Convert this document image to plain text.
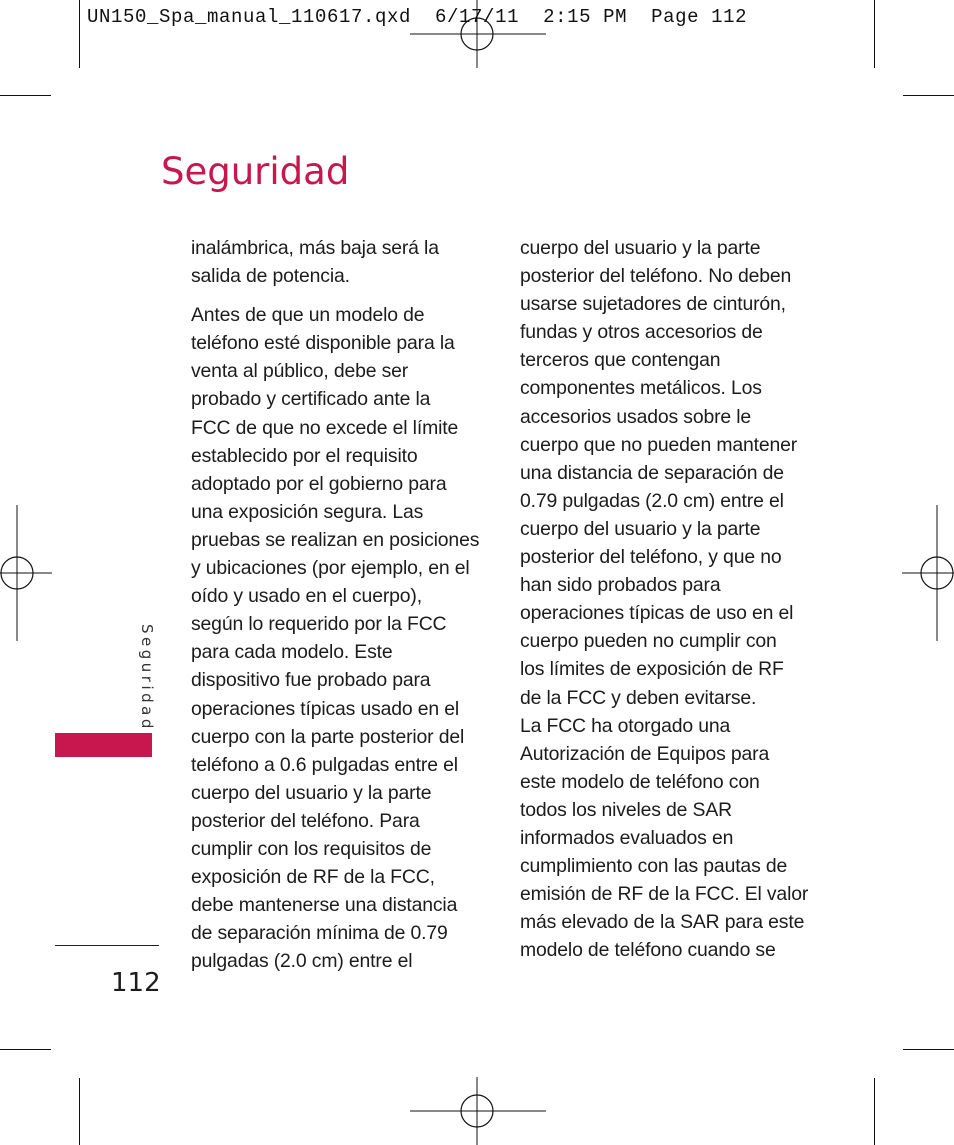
UN150_Spa_manual_110617.qxd  6/17/11  2:15 PM  Page 112
Seguridad

inalámbrica, más baja será la
salida de potencia.

Antes de que un modelo de
teléfono esté disponible para la
venta al público, debe ser
probado y certificado ante la
FCC de que no excede el límite
establecido por el requisito
adoptado por el gobierno para
una exposición segura. Las
pruebas se realizan en posiciones
y ubicaciones (por ejemplo, en el
oído y usado en el cuerpo),
según lo requerido por la FCC
para cada modelo. Este
dispositivo fue probado para
operaciones típicas usado en el
cuerpo con la parte posterior del
teléfono a 0.6 pulgadas entre el
cuerpo del usuario y la parte
posterior del teléfono. Para
cumplir con los requisitos de
exposición de RF de la FCC,
debe mantenerse una distancia
de separación mínima de 0.79
pulgadas (2.0 cm) entre el

cuerpo del usuario y la parte
posterior del teléfono. No deben
usarse sujetadores de cinturón,
fundas y otros accesorios de
terceros que contengan
componentes metálicos. Los
accesorios usados sobre le
cuerpo que no pueden mantener
una distancia de separación de
0.79 pulgadas (2.0 cm) entre el
cuerpo del usuario y la parte
posterior del teléfono, y que no
han sido probados para
operaciones típicas de uso en el
cuerpo pueden no cumplir con
los límites de exposición de RF
de la FCC y deben evitarse.
La FCC ha otorgado una
Autorización de Equipos para
este modelo de teléfono con
todos los niveles de SAR
informados evaluados en
cumplimiento con las pautas de
emisión de RF de la FCC. El valor
más elevado de la SAR para este
modelo de teléfono cuando se

Seguridad
112
